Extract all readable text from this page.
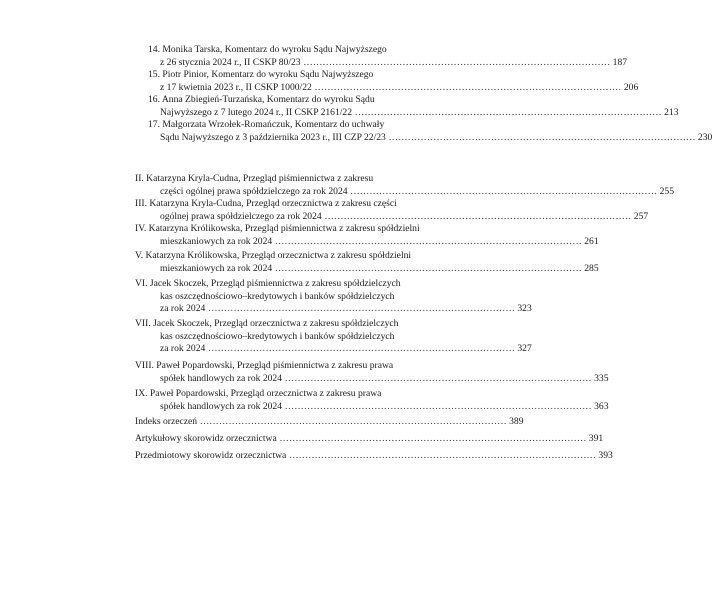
14. Monika Tarska, Komentarz do wyroku Sądu Najwyższego
z 26 stycznia 2024 r., II CSKP 80/23 ................................................................................................ 187
15. Piotr Pinior, Komentarz do wyroku Sądu Najwyższego
z 17 kwietnia 2023 r., II CSKP 1000/22 ................................................................................................ 206
16. Anna Zbiegień-Turzańska, Komentarz do wyroku Sądu
Najwyższego z 7 lutego 2024 r., II CSKP 2161/22 ................................................................................................ 213
17. Małgorzata Wrzołek-Romańczuk, Komentarz do uchwały
Sądu Najwyższego z 3 października 2023 r., III CZP 22/23 ................................................................................................ 230
II. Katarzyna Kryla-Cudna, Przegląd piśmiennictwa z zakresu
części ogólnej prawa spółdzielczego za rok 2024 ................................................................................................ 255
III. Katarzyna Kryla-Cudna, Przegląd orzecznictwa z zakresu części
ogólnej prawa spółdzielczego za rok 2024 ................................................................................................ 257
IV. Katarzyna Królikowska, Przegląd piśmiennictwa z zakresu spółdzielni
mieszkaniowych za rok 2024 ................................................................................................ 261
V. Katarzyna Królikowska, Przegląd orzecznictwa z zakresu spółdzielni
mieszkaniowych za rok 2024 ................................................................................................ 285
VI. Jacek Skoczek, Przegląd piśmiennictwa z zakresu spółdzielczych
kas oszczędnościowo–kredytowych i banków spółdzielczych
za rok 2024 ................................................................................................ 323
VII. Jacek Skoczek, Przegląd orzecznictwa z zakresu spółdzielczych
kas oszczędnościowo–kredytowych i banków spółdzielczych
za rok 2024 ................................................................................................ 327
VIII. Paweł Popardowski, Przegląd piśmiennictwa z zakresu prawa
spółek handlowych za rok 2024 ................................................................................................ 335
IX. Paweł Popardowski, Przegląd orzecznictwa z zakresu prawa
spółek handlowych za rok 2024 ................................................................................................ 363
Indeks orzeczeń ................................................................................................ 389
Artykułowy skorowidz orzecznictwa ................................................................................................ 391
Przedmiotowy skorowidz orzecznictwa ................................................................................................ 393
